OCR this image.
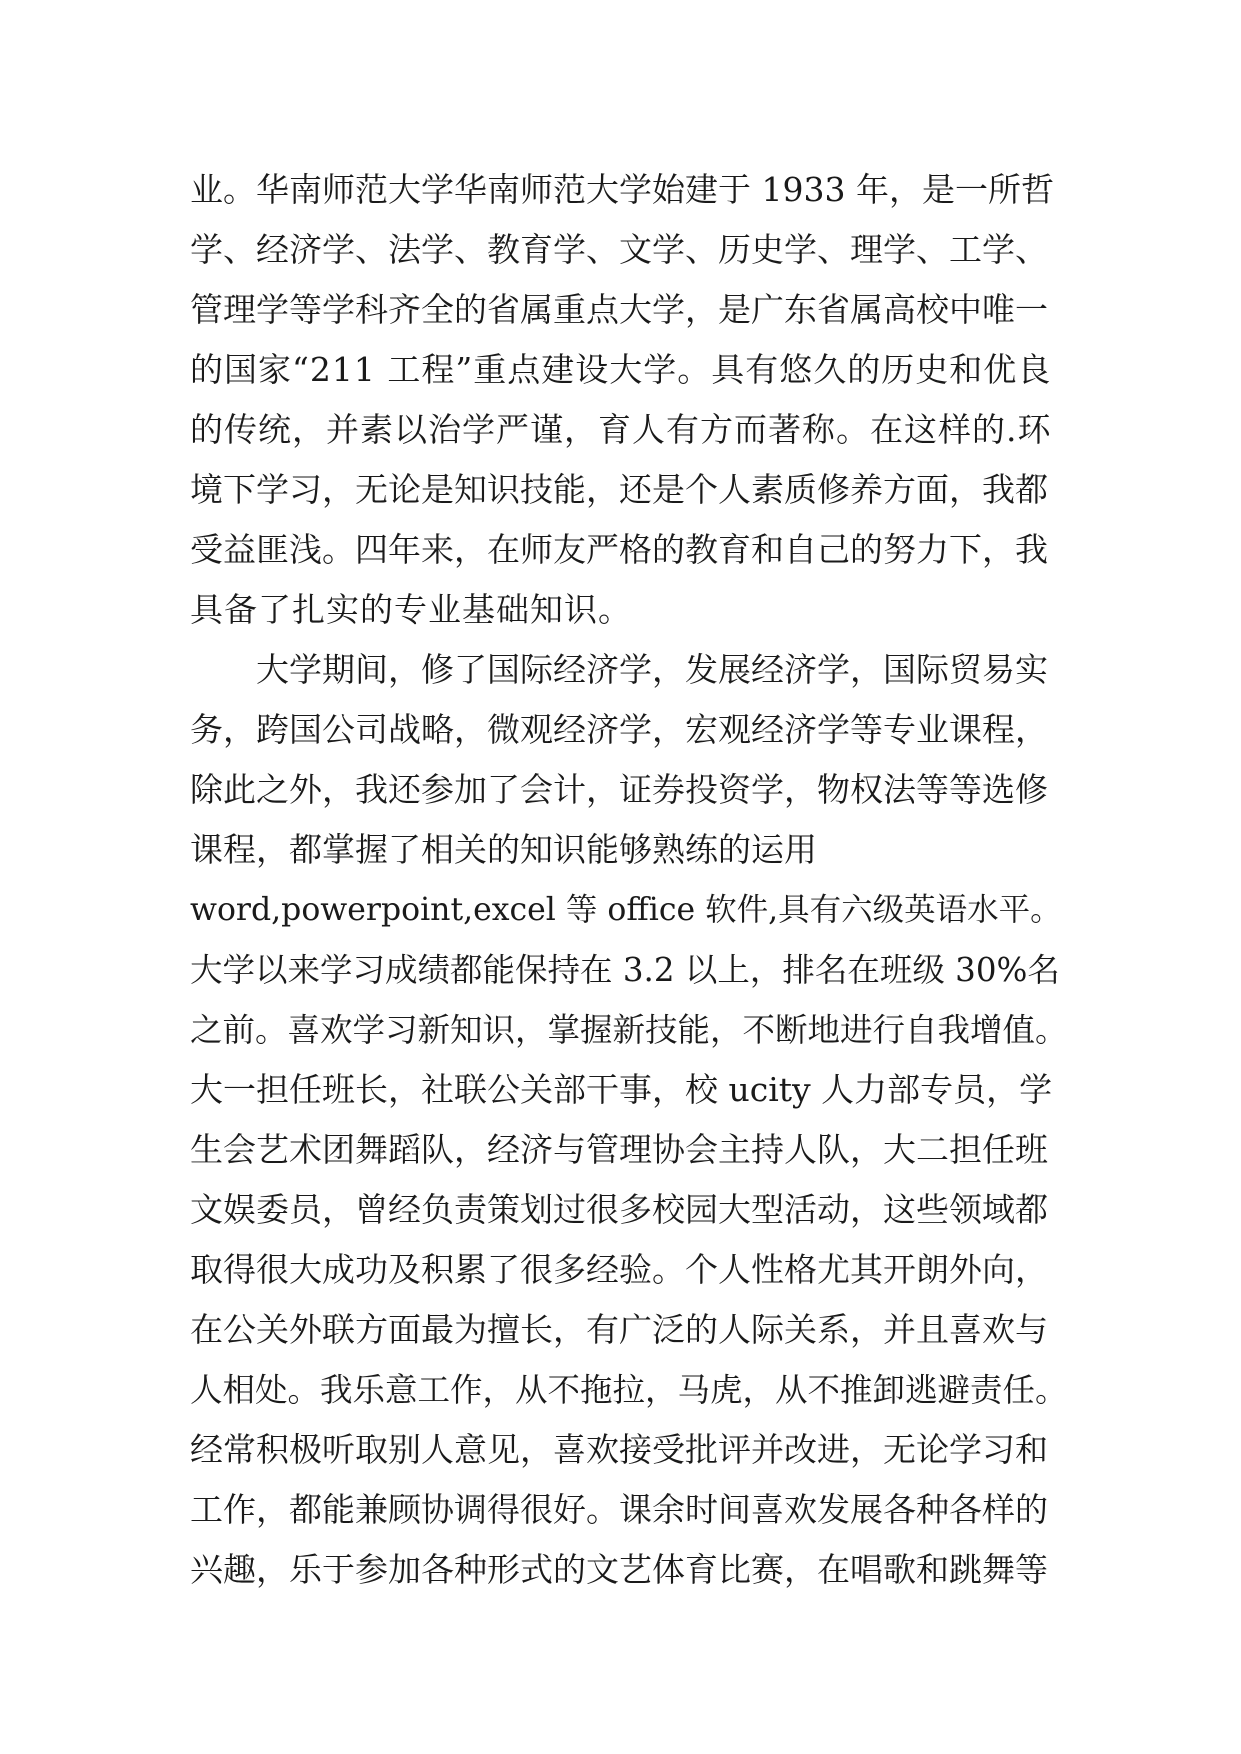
业。华南师范大学华南师范大学始建于 1933 年，是一所哲
学、经济学、法学、教育学、文学、历史学、理学、工学、
管理学等学科齐全的省属重点大学，是广东省属高校中唯一
的国家“211 工程”重点建设大学。具有悠久的历史和优良
的传统，并素以治学严谨，育人有方而著称。在这样的.环
境下学习，无论是知识技能，还是个人素质修养方面，我都
受益匪浅。四年来，在师友严格的教育和自己的努力下，我
具备了扎实的专业基础知识。
大学期间，修了国际经济学，发展经济学，国际贸易实
务，跨国公司战略，微观经济学，宏观经济学等专业课程，
除此之外，我还参加了会计，证券投资学，物权法等等选修
课程，都掌握了相关的知识能够熟练的运用
word,powerpoint,excel 等 office 软件,具有六级英语水平。
大学以来学习成绩都能保持在 3.2 以上，排名在班级 30%名
之前。喜欢学习新知识，掌握新技能，不断地进行自我增值。
大一担任班长，社联公关部干事，校 ucity 人力部专员，学
生会艺术团舞蹈队，经济与管理协会主持人队，大二担任班
文娱委员，曾经负责策划过很多校园大型活动，这些领域都
取得很大成功及积累了很多经验。个人性格尤其开朗外向，
在公关外联方面最为擅长，有广泛的人际关系，并且喜欢与
人相处。我乐意工作，从不拖拉，马虎，从不推卸逃避责任。
经常积极听取别人意见，喜欢接受批评并改进，无论学习和
工作，都能兼顾协调得很好。课余时间喜欢发展各种各样的
兴趣，乐于参加各种形式的文艺体育比赛，在唱歌和跳舞等
